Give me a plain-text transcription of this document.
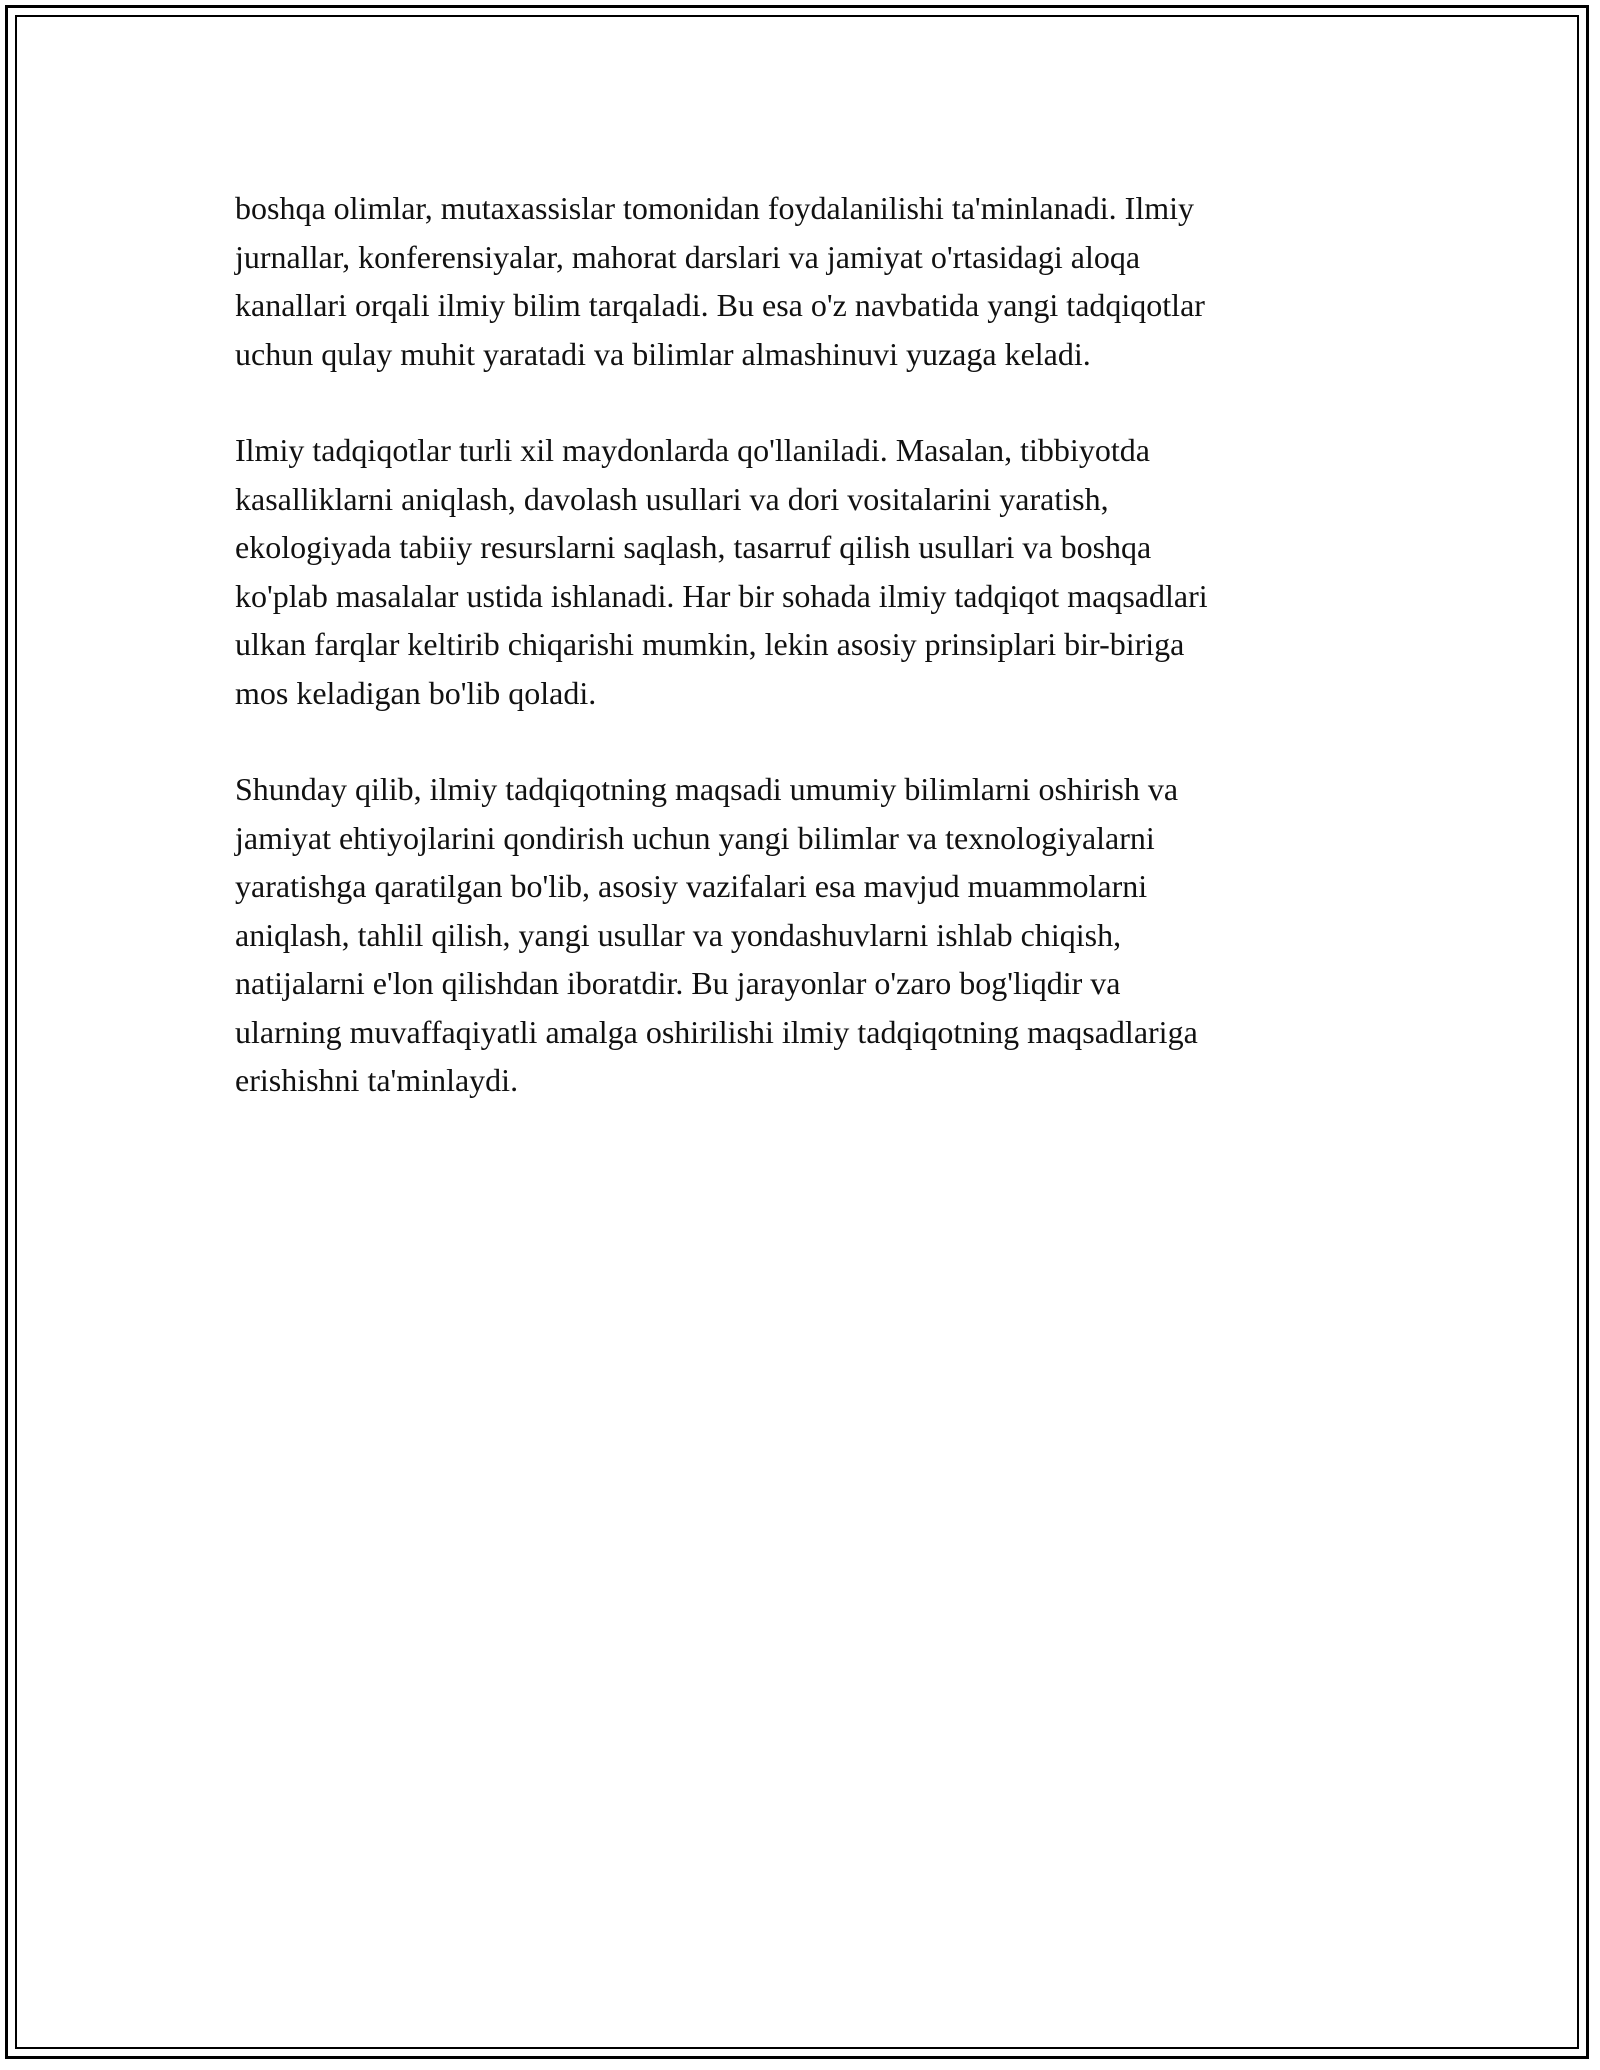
boshqa olimlar, mutaxassislar tomonidan foydalanilishi ta'minlanadi. Ilmiy
jurnallar, konferensiyalar, mahorat darslari va jamiyat o'rtasidagi aloqa
kanallari orqali ilmiy bilim tarqaladi. Bu esa o'z navbatida yangi tadqiqotlar
uchun qulay muhit yaratadi va bilimlar almashinuvi yuzaga keladi.

Ilmiy tadqiqotlar turli xil maydonlarda qo'llaniladi. Masalan, tibbiyotda
kasalliklarni aniqlash, davolash usullari va dori vositalarini yaratish,
ekologiyada tabiiy resurslarni saqlash, tasarruf qilish usullari va boshqa
ko'plab masalalar ustida ishlanadi. Har bir sohada ilmiy tadqiqot maqsadlari
ulkan farqlar keltirib chiqarishi mumkin, lekin asosiy prinsiplari bir-biriga
mos keladigan bo'lib qoladi.

Shunday qilib, ilmiy tadqiqotning maqsadi umumiy bilimlarni oshirish va
jamiyat ehtiyojlarini qondirish uchun yangi bilimlar va texnologiyalarni
yaratishga qaratilgan bo'lib, asosiy vazifalari esa mavjud muammolarni
aniqlash, tahlil qilish, yangi usullar va yondashuvlarni ishlab chiqish,
natijalarni e'lon qilishdan iboratdir. Bu jarayonlar o'zaro bog'liqdir va
ularning muvaffaqiyatli amalga oshirilishi ilmiy tadqiqotning maqsadlariga
erishishni ta'minlaydi.
